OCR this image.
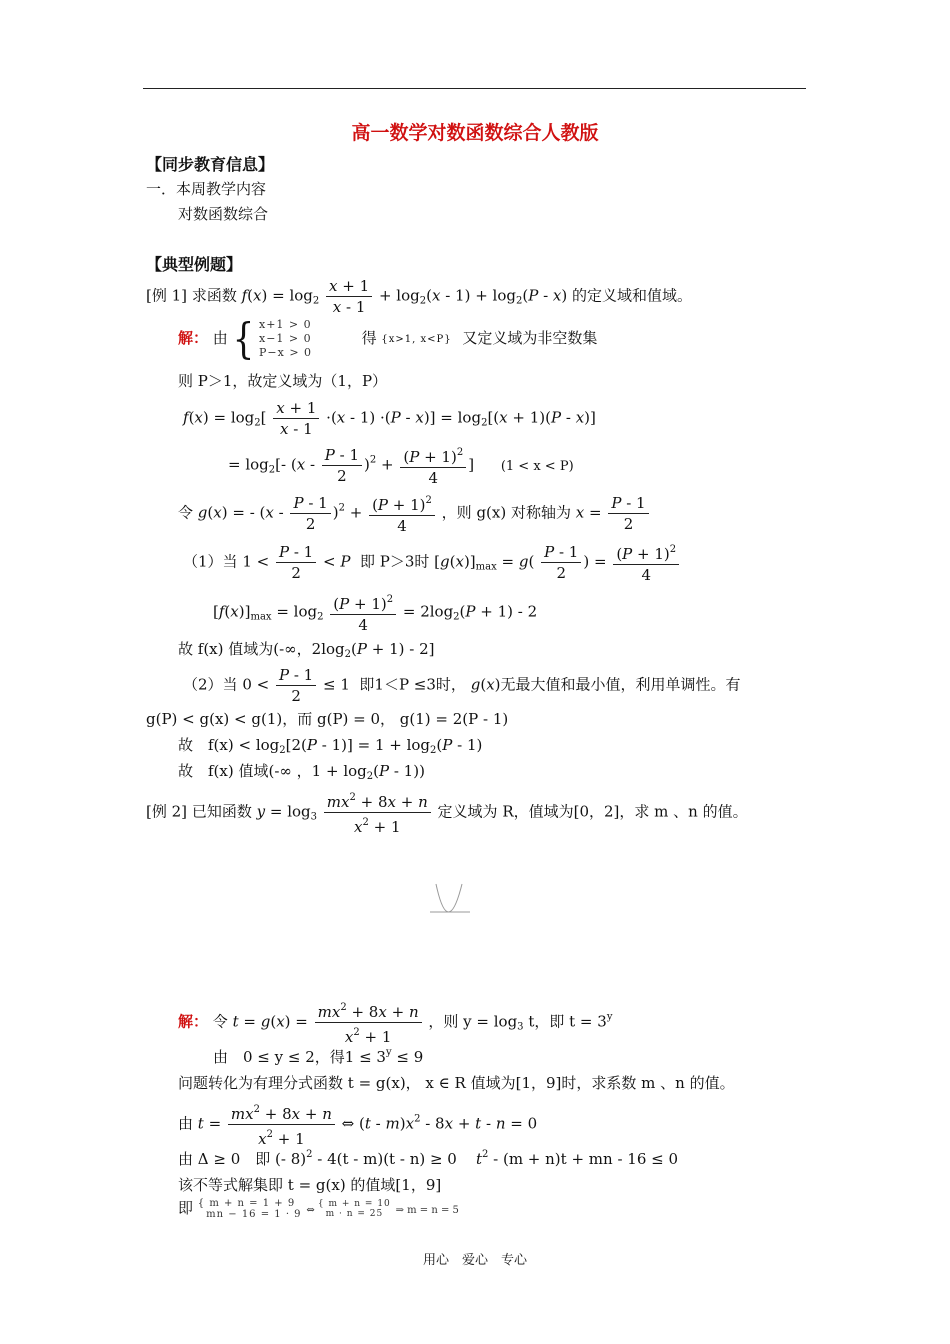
高一数学对数函数综合人教版
【同步教育信息】
一．本周教学内容
对数函数综合
【典型例题】
[例 1] 求函数 $f(x) = \log_2 \frac{x + 1}{x - 1} + \log_2(x - 1) + \log_2(P - x)$ 的定义域和值域。
解： 由 { x+1 > 0
x−1 > 0
P−x > 0
得 {x>1, x<P} 又定义域为非空数集
则 P＞1，故定义域为（1，P）
$f(x) = \log_2[ \frac{x + 1}{x - 1} \cdot(x - 1) \cdot(P - x)] = \log_2[(x + 1)(P - x)]$
= $\log_2[-$ $(x - \frac{P - 1}{2} )^2 + \frac{(P + 1)^2}{4}$ ] (1 < x < P)
令 g(x) = - $(x - \frac{P - 1}{2} )^2 + \frac{(P + 1)^2}{4}$ ，则 g(x) 对称轴为 $x = \frac{P - 1}{2}$
（1）当 $1 < \frac{P - 1}{2} < P$ 即 P＞3时 $[g(x)]_{max} = g( \frac{P - 1}{2}$ ) = $\frac{(P + 1)^2}{4}$
$[f(x)]_{max} = \log_2 \frac{(P + 1)^2}{4} = 2\log_2(P + 1) - 2$
故 f(x) 值域为(-∞，$2\log_2(P + 1) - 2$]
（2）当 $0 < \frac{P - 1}{2} \le 1$  即1＜P ≤3时， g(x)无最大值和最小值，利用单调性。有
g(P) < g(x) < g(1)，而 g(P) = 0， g(1) = 2(P - 1)
故　$f(x) < \log_2[2(P - 1)] = 1 + \log_2(P - 1)$
故　f(x) 值域(-∞ ，$1 + \log_2(P - 1)$)
[例 2] 已知函数 $y = \log_3 \frac{mx^2 + 8x + n}{x^2 + 1}$ 定义域为 R，值域为[0，2]，求 m 、n 的值。
解： 令 $t = g(x) = \frac{mx^2 + 8x + n}{x^2 + 1}$ ，则 $y = \log_3 t$，即 $t = 3^y$
由　0 ≤ y ≤ 2，得$1 \le 3^y \le 9$
问题转化为有理分式函数 t = g(x)， x ∈ R 值域为[1，9]时，求系数 m 、n 的值。
由 $t = \frac{mx^2 + 8x + n}{x^2 + 1}$ ⇔ $(t - m)x^2 - 8x + t - n = 0$
由 Δ ≥ 0　即 (- 8)$^2$ - 4(t - m)(t - n) ≥ 0 $t^2 - (m + n)t$ + mn - 16 ≤ 0
该不等式解集即 t = g(x) 的值域[1，9]
即 { m + n = 1 + 9
mn − 16 = 1 · 9 ⇔
{ m + n = 10
m · n = 25	⇒ m = n = 5
用心　爱心　专心
